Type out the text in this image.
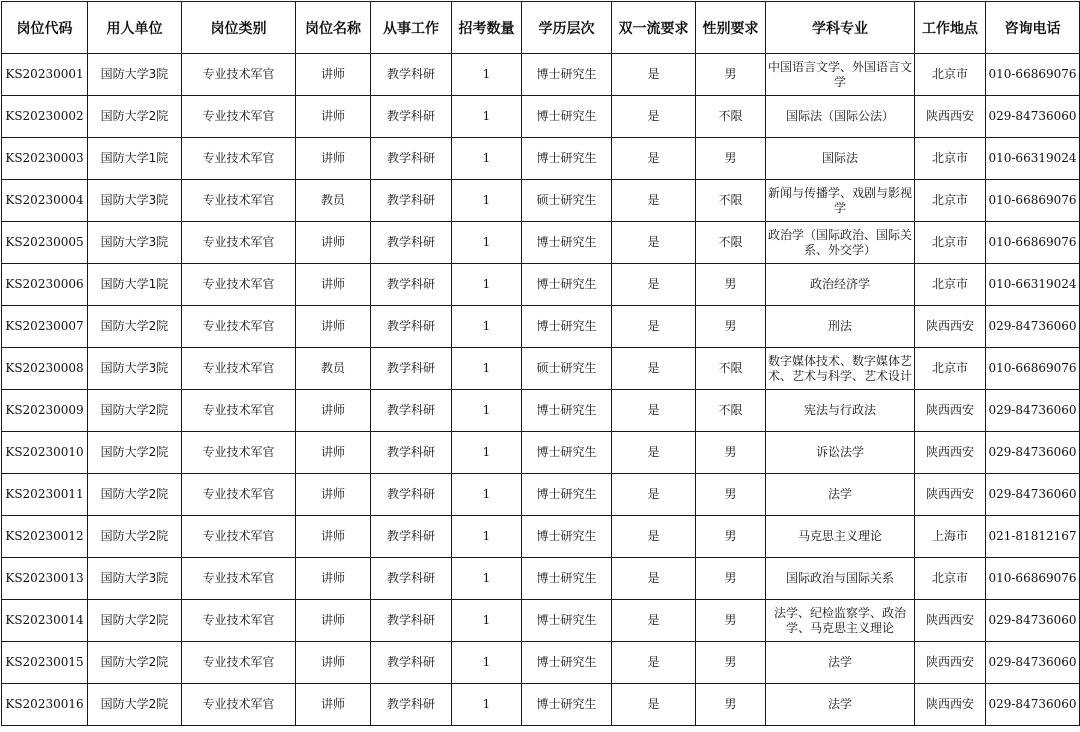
岗位代码	用人单位	岗位类别	岗位名称	从事工作	招考数量	学历层次	双一流要求	性别要求	学科专业	工作地点	咨询电话
KS20230001	国防大学3院	专业技术军官	讲师	教学科研	1	博士研究生	是	男	中国语言文学、外国语言文学	北京市	010-66869076
KS20230002	国防大学2院	专业技术军官	讲师	教学科研	1	博士研究生	是	不限	国际法（国际公法）	陕西西安	029-84736060
KS20230003	国防大学1院	专业技术军官	讲师	教学科研	1	博士研究生	是	男	国际法	北京市	010-66319024
KS20230004	国防大学3院	专业技术军官	教员	教学科研	1	硕士研究生	是	不限	新闻与传播学、戏剧与影视学	北京市	010-66869076
KS20230005	国防大学3院	专业技术军官	讲师	教学科研	1	博士研究生	是	不限	政治学（国际政治、国际关系、外交学）	北京市	010-66869076
KS20230006	国防大学1院	专业技术军官	讲师	教学科研	1	博士研究生	是	男	政治经济学	北京市	010-66319024
KS20230007	国防大学2院	专业技术军官	讲师	教学科研	1	博士研究生	是	男	刑法	陕西西安	029-84736060
KS20230008	国防大学3院	专业技术军官	教员	教学科研	1	硕士研究生	是	不限	数字媒体技术、数字媒体艺术、艺术与科学、艺术设计	北京市	010-66869076
KS20230009	国防大学2院	专业技术军官	讲师	教学科研	1	博士研究生	是	不限	宪法与行政法	陕西西安	029-84736060
KS20230010	国防大学2院	专业技术军官	讲师	教学科研	1	博士研究生	是	男	诉讼法学	陕西西安	029-84736060
KS20230011	国防大学2院	专业技术军官	讲师	教学科研	1	博士研究生	是	男	法学	陕西西安	029-84736060
KS20230012	国防大学2院	专业技术军官	讲师	教学科研	1	博士研究生	是	男	马克思主义理论	上海市	021-81812167
KS20230013	国防大学3院	专业技术军官	讲师	教学科研	1	博士研究生	是	男	国际政治与国际关系	北京市	010-66869076
KS20230014	国防大学2院	专业技术军官	讲师	教学科研	1	博士研究生	是	男	法学、纪检监察学、政治学、马克思主义理论	陕西西安	029-84736060
KS20230015	国防大学2院	专业技术军官	讲师	教学科研	1	博士研究生	是	男	法学	陕西西安	029-84736060
KS20230016	国防大学2院	专业技术军官	讲师	教学科研	1	博士研究生	是	男	法学	陕西西安	029-84736060
